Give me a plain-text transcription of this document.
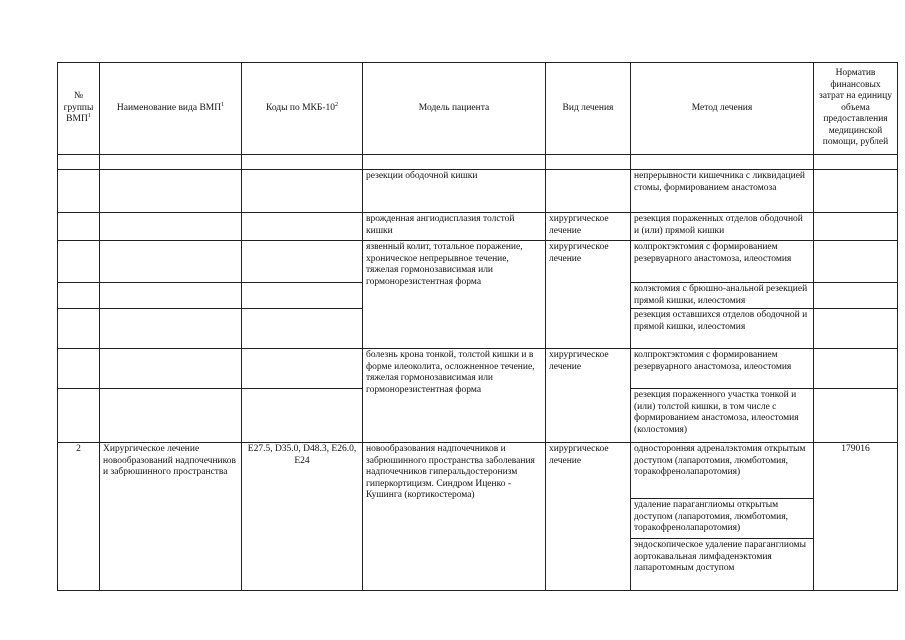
№ группы ВМП$^1$	Наименование вида ВМП$^1$	Коды по МКБ-$10^2$	Модель пациента	Вид лечения	Метод лечения	Норматив финансовых затрат на единицу объема предоставления медицинской помощи, рублей

			резекции ободочной кишки		непрерывности кишечника с ликвидацией стомы, формированием анастомоза	
			врожденная ангиодисплазия толстой кишки	хирургическое лечение	резекция пораженных отделов ободочной и (или) прямой кишки	
			язвенный колит, тотальное поражение, хроническое непрерывное течение, тяжелая гормонозависимая или гормонорезистентная форма	хирургическое лечение	колпроктэктомия с формированием резервуарного анастомоза, илеостомия	
					колэктомия с брюшно-анальной резекцией прямой кишки, илеостомия	
					резекция оставшихся отделов ободочной и прямой кишки, илеостомия	
			болезнь крона тонкой, толстой кишки и в форме илеоколита, осложненное течение, тяжелая гормонозависимая или гормонорезистентная форма	хирургическое лечение	колпроктэктомия с формированием резервуарного анастомоза, илеостомия	
					резекция пораженного участка тонкой и (или) толстой кишки, в том числе с формированием анастомоза, илеостомия (колостомия)	
2	Хирургическое лечение новообразований надпочечников и забрюшинного пространства	E27.5, D35.0, D48.3, E26.0, E24	новообразования надпочечников и забрюшинного пространства заболевания надпочечников гиперальдостеронизм гиперкортицизм. Синдром Иценко - Кушинга (кортикостерома)	хирургическое лечение	односторонняя адреналэктомия открытым доступом (лапаротомия, люмботомия, торакофренолапаротомия)	179016
					удаление параганглиомы открытым доступом (лапаротомия, люмботомия, торакофренолапаротомия)	
					эндоскопическое удаление параганглиомы аортокавальная лимфаденэктомия лапаротомным доступом	
